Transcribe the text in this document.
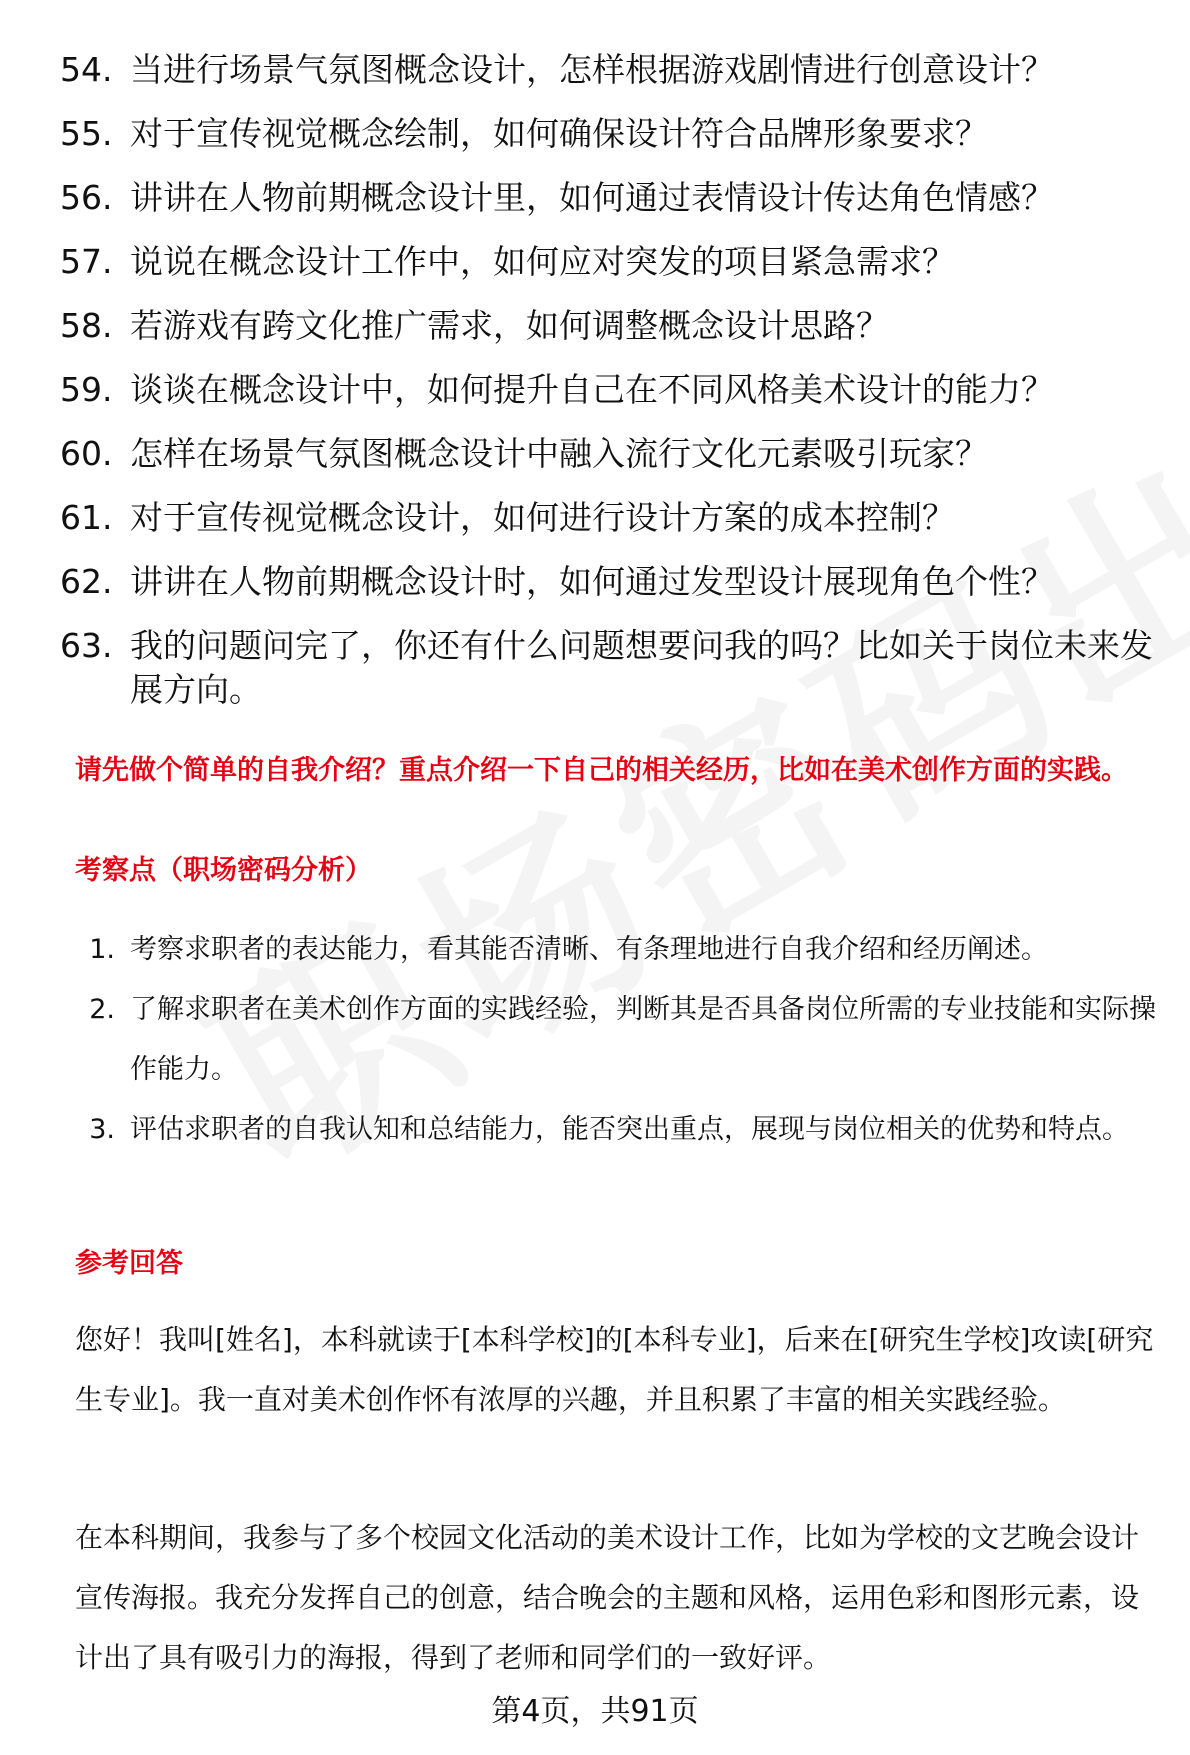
54. 当进行场景气氛图概念设计，怎样根据游戏剧情进行创意设计？
55. 对于宣传视觉概念绘制，如何确保设计符合品牌形象要求？
56. 讲讲在人物前期概念设计里，如何通过表情设计传达角色情感？
57. 说说在概念设计工作中，如何应对突发的项目紧急需求？
58. 若游戏有跨文化推广需求，如何调整概念设计思路？
59. 谈谈在概念设计中，如何提升自己在不同风格美术设计的能力？
60. 怎样在场景气氛图概念设计中融入流行文化元素吸引玩家？
61. 对于宣传视觉概念设计，如何进行设计方案的成本控制？
62. 讲讲在人物前期概念设计时，如何通过发型设计展现角色个性？
63. 我的问题问完了，你还有什么问题想要问我的吗？比如关于岗位未来发展方向。
请先做个简单的自我介绍？重点介绍一下自己的相关经历，比如在美术创作方面的实践。
考察点（职场密码分析）
1. 考察求职者的表达能力，看其能否清晰、有条理地进行自我介绍和经历阐述。
2. 了解求职者在美术创作方面的实践经验，判断其是否具备岗位所需的专业技能和实际操作能力。
3. 评估求职者的自我认知和总结能力，能否突出重点，展现与岗位相关的优势和特点。
参考回答

您好！我叫[姓名]，本科就读于[本科学校]的[本科专业]，后来在[研究生学校]攻读[研究生专业]。我一直对美术创作怀有浓厚的兴趣，并且积累了丰富的相关实践经验。

在本科期间，我参与了多个校园文化活动的美术设计工作，比如为学校的文艺晚会设计宣传海报。我充分发挥自己的创意，结合晚会的主题和风格，运用色彩和图形元素，设计出了具有吸引力的海报，得到了老师和同学们的一致好评。

第4页，共91页
